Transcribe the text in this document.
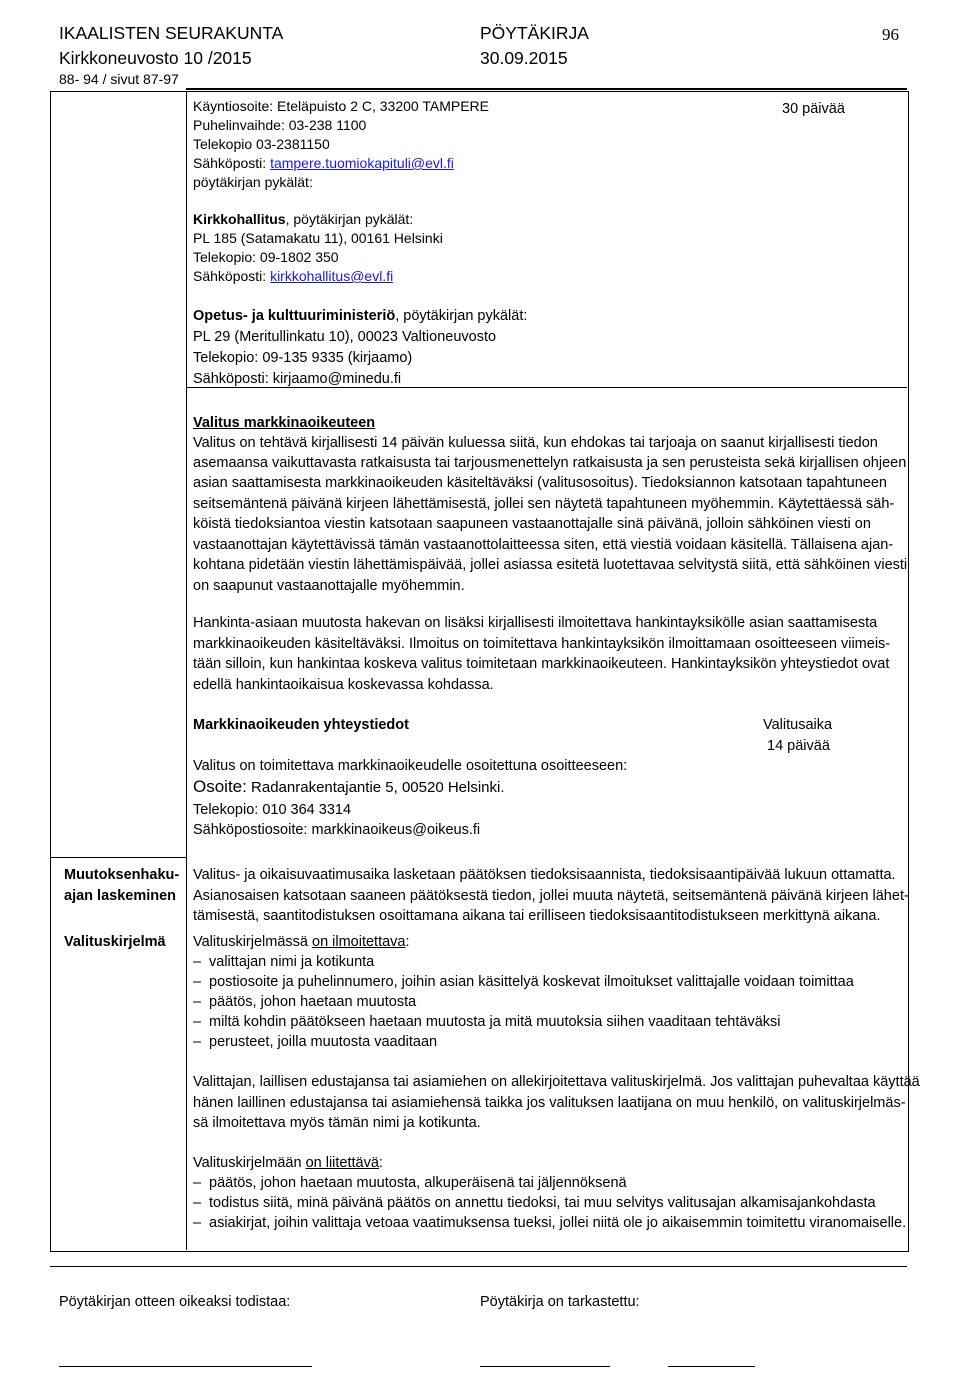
IKAALISTEN SEURAKUNTA	PÖYTÄKIRJA	96
Kirkkoneuvosto 10 /2015	30.09.2015
88- 94 / sivut 87-97
Käyntiosoite: Eteläpuisto 2 C, 33200 TAMPERE
Puhelinvaihde: 03-238 1100
Telekopio 03-2381150
Sähköposti: tampere.tuomiokapituli@evl.fi
pöytäkirjan pykälät:
30 päivää
Kirkkohallitus, pöytäkirjan pykälät:
PL 185 (Satamakatu 11), 00161 Helsinki
Telekopio: 09-1802 350
Sähköposti: kirkkohallitus@evl.fi
Opetus- ja kulttuuriministeriö, pöytäkirjan pykälät:
PL 29 (Meritullinkatu 10), 00023 Valtioneuvosto
Telekopio: 09-135 9335 (kirjaamo)
Sähköposti: kirjaamo@minedu.fi
Valitus markkinaoikeuteen
Valitus on tehtävä kirjallisesti 14 päivän kuluessa siitä, kun ehdokas tai tarjoaja on saanut kirjallisesti tiedon
asemaansa vaikuttavasta ratkaisusta tai tarjousmenettelyn ratkaisusta ja sen perusteista sekä kirjallisen ohjeen
asian saattamisesta markkinaoikeuden käsiteltäväksi (valitusosoitus). Tiedoksiannon katsotaan tapahtuneen
seitsemäntenä päivänä kirjeen lähettämisestä, jollei sen näytetä tapahtuneen myöhemmin. Käytettäessä säh-
köistä tiedoksiantoa viestin katsotaan saapuneen vastaanottajalle sinä päivänä, jolloin sähköinen viesti on
vastaanottajan käytettävissä tämän vastaanottolaitteessa siten, että viestiä voidaan käsitellä. Tällaisena ajan-
kohtana pidetään viestin lähettämispäivää, jollei asiassa esitetä luotettavaa selvitystä siitä, että sähköinen viesti
on saapunut vastaanottajalle myöhemmin.
Hankinta-asiaan muutosta hakevan on lisäksi kirjallisesti ilmoitettava hankintayksikölle asian saattamisesta
markkinaoikeuden käsiteltäväksi. Ilmoitus on toimitettava hankintayksikön ilmoittamaan osoitteeseen viimeis-
tään silloin, kun hankintaa koskeva valitus toimitetaan markkinaoikeuteen. Hankintayksikön yhteystiedot ovat
edellä hankintaoikaisua koskevassa kohdassa.
Markkinaoikeuden yhteystiedot	Valitusaika
14 päivää
Valitus on toimitettava markkinaoikeudelle osoitettuna osoitteeseen:
Osoite: Radanrakentajantie 5, 00520 Helsinki.
Telekopio: 010 364 3314
Sähköpostiosoite: markkinaoikeus@oikeus.fi
Muutoksenhaku-
ajan laskeminen
Valitus- ja oikaisuvaatimusaika lasketaan päätöksen tiedoksisaannista, tiedoksisaantipäivää lukuun ottamatta.
Asianosaisen katsotaan saaneen päätöksestä tiedon, jollei muuta näytetä, seitsemäntenä päivänä kirjeen lähet-
tämisestä, saantitodistuksen osoittamana aikana tai erilliseen tiedoksisaantitodistukseen merkittynä aikana.
Valituskirjelmä Valituskirjelmässä on ilmoitettava:
– valittajan nimi ja kotikunta
– postiosoite ja puhelinnumero, joihin asian käsittelyä koskevat ilmoitukset valittajalle voidaan toimittaa
– päätös, johon haetaan muutosta
– miltä kohdin päätökseen haetaan muutosta ja mitä muutoksia siihen vaaditaan tehtäväksi
– perusteet, joilla muutosta vaaditaan
Valittajan, laillisen edustajansa tai asiamiehen on allekirjoitettava valituskirjelmä. Jos valittajan puhevaltaa käyttää
hänen laillinen edustajansa tai asiamiehensä taikka jos valituksen laatijana on muu henkilö, on valituskirjelmäs-
sä ilmoitettava myös tämän nimi ja kotikunta.
Valituskirjelmään on liitettävä:
– päätös, johon haetaan muutosta, alkuperäisenä tai jäljennöksenä
– todistus siitä, minä päivänä päätös on annettu tiedoksi, tai muu selvitys valitusajan alkamisajankohdasta
– asiakirjat, joihin valittaja vetoaa vaatimuksensa tueksi, jollei niitä ole jo aikaisemmin toimitettu viranomaiselle.
Pöytäkirjan otteen oikeaksi todistaa:	Pöytäkirja on tarkastettu:
